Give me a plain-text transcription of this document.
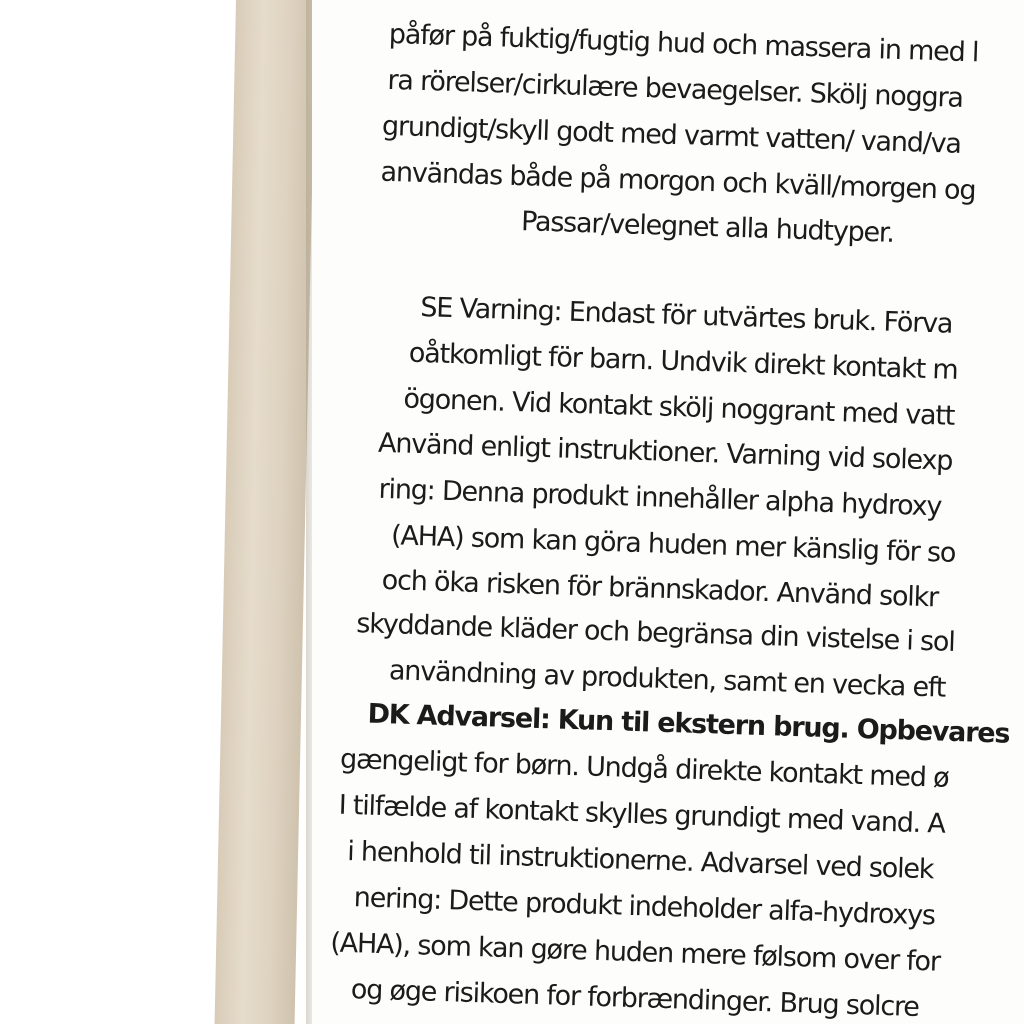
påfør på fuktig/fugtig hud och massera in med l
ra rörelser/cirkulære bevaegelser. Skölj noggra
grundigt/skyll godt med varmt vatten/ vand/va
användas både på morgon och kväll/morgen og
Passar/velegnet alla hudtyper.
SE Varning: Endast för utvärtes bruk. Förva
oåtkomligt för barn. Undvik direkt kontakt m
ögonen. Vid kontakt skölj noggrant med vatt
Använd enligt instruktioner. Varning vid solexp
ring: Denna produkt innehåller alpha hydroxy
(AHA) som kan göra huden mer känslig för so
och öka risken för brännskador. Använd solkr
skyddande kläder och begränsa din vistelse i sol
användning av produkten, samt en vecka eft
DK Advarsel: Kun til ekstern brug. Opbevares
gængeligt for børn. Undgå direkte kontakt med ø
I tilfælde af kontakt skylles grundigt med vand. A
i henhold til instruktionerne. Advarsel ved solek
nering: Dette produkt indeholder alfa-hydroxys
(AHA), som kan gøre huden mere følsom over for
og øge risikoen for forbrændinger. Brug solcre
